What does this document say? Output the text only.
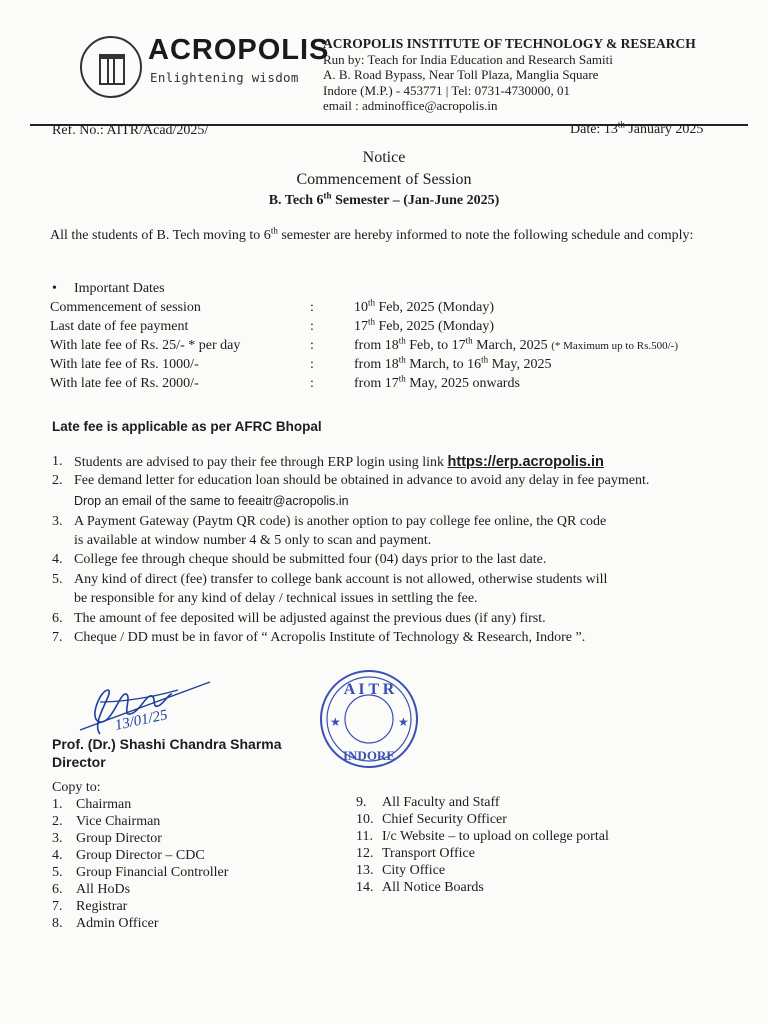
ACROPOLIS
Enlightening wisdom
ACROPOLIS INSTITUTE OF TECHNOLOGY & RESEARCH
Run by: Teach for India Education and Research Samiti
A. B. Road Bypass, Near Toll Plaza, Manglia Square
Indore (M.P.) - 453771 | Tel: 0731-4730000, 01
email : adminoffice@acropolis.in
Ref. No.: AITR/Acad/2025/	Date: 13th January 2025
Notice
Commencement of Session
B. Tech 6th Semester – (Jan-June 2025)
All the students of B. Tech moving to 6th semester are hereby informed to note the following schedule and comply:
• Important Dates
Commencement of session	:	10th Feb, 2025 (Monday)
Last date of fee payment	:	17th Feb, 2025 (Monday)
With late fee of Rs. 25/- * per day	:	from 18th Feb, to 17th March, 2025 (* Maximum up to Rs.500/-)
With late fee of Rs. 1000/-	:	from 18th March, to 16th May, 2025
With late fee of Rs. 2000/-	:	from 17th May, 2025 onwards
Late fee is applicable as per AFRC Bhopal
1. Students are advised to pay their fee through ERP login using link https://erp.acropolis.in
2. Fee demand letter for education loan should be obtained in advance to avoid any delay in fee payment.
Drop an email of the same to feeaitr@acropolis.in
3. A Payment Gateway (Paytm QR code) is another option to pay college fee online, the QR code
is available at window number 4 & 5 only to scan and payment.
4. College fee through cheque should be submitted four (04) days prior to the last date.
5. Any kind of direct (fee) transfer to college bank account is not allowed, otherwise students will
be responsible for any kind of delay / technical issues in settling the fee.
6. The amount of fee deposited will be adjusted against the previous dues (if any) first.
7. Cheque / DD must be in favor of “ Acropolis Institute of Technology & Research, Indore ”.
13/01/25
Prof. (Dr.) Shashi Chandra Sharma
Director
A I T R
INDORE
★	★
Copy to:
1. Chairman
2. Vice Chairman
3. Group Director
4. Group Director – CDC
5. Group Financial Controller
6. All HoDs
7. Registrar
8. Admin Officer
9. All Faculty and Staff
10. Chief Security Officer
11. I/c Website – to upload on college portal
12. Transport Office
13. City Office
14. All Notice Boards
